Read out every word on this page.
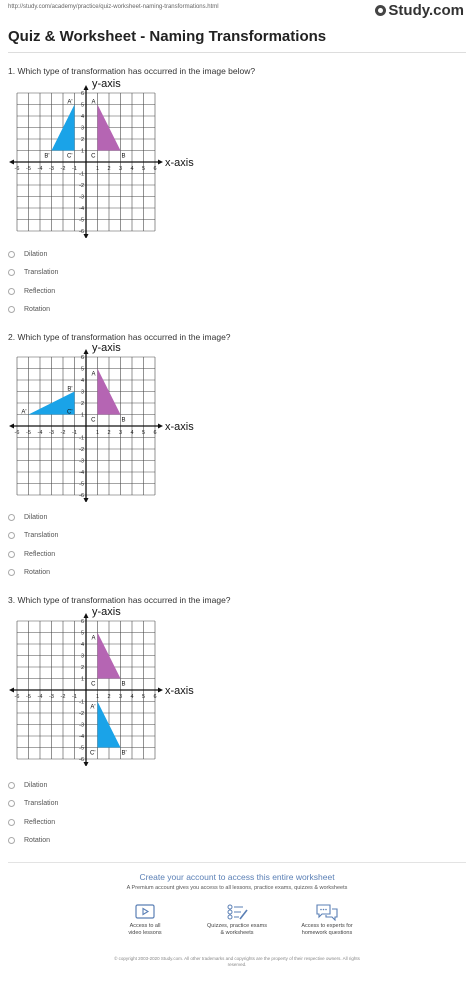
http://study.com/academy/practice/quiz-worksheet-naming-transformations.html	Study.com
Quiz & Worksheet - Naming Transformations
1. Which type of transformation has occurred in the image below?
-6 -5 -4 -3 -2 -1	1 2 3 4 5 6
6
5
4
3
2
1
-1
-2
-3
-4
-5
-6
y-axis
x-axis
A
A'
C	B
B'	C'
Dilation
Translation
Reflection
Rotation
2. Which type of transformation has occurred in the image?
-6 -5 -4 -3 -2 -1	1 2 3 4 5 6
6
5
4
3
2
1
-1
-2
-3
-4
-5
-6
y-axis
x-axis
A
B'
A'	C'
C	B
Dilation
Translation
Reflection
Rotation
3. Which type of transformation has occurred in the image?
-6 -5 -4 -3 -2 -1	1 2 3 4 5 6
6
5
4
3
2
1
-1
-2
-3
-4
-5
-6
y-axis
x-axis
A
C	B
A'
C'	B'
Dilation
Translation
Reflection
Rotation
Create your account to access this entire worksheet
A Premium account gives you access to all lessons, practice exams, quizzes & worksheets
Access to all
video lessons
Quizzes, practice exams
& worksheets
Access to experts for
homework questions
© copyright 2003-2020 Study.com. All other trademarks and copyrights are the property of their respective owners. All rights
reserved.
